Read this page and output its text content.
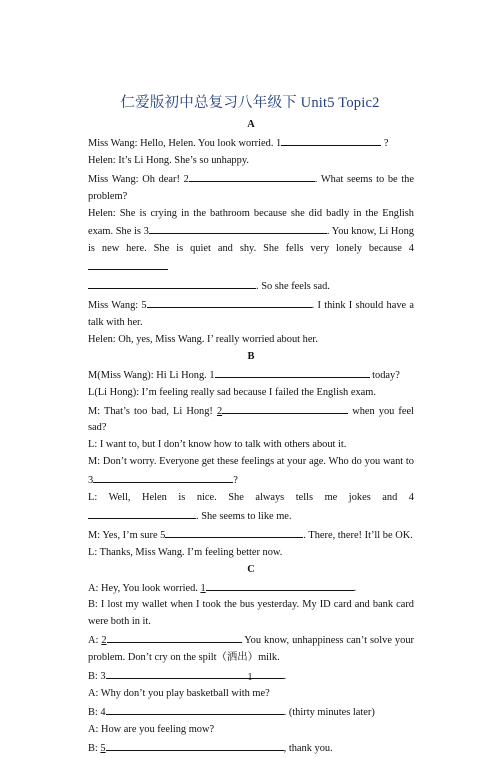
仁爱版初中总复习八年级下 Unit5 Topic2
A

Miss Wang: Hello, Helen. You look worried. 1	?

Helen: It’s Li Hong. She’s so unhappy.

Miss Wang: Oh dear! 2	. What seems to be the problem?

Helen: She is crying in the bathroom because she did badly in the English exam. She is 3	. You know, Li Hong is new here. She is quiet and shy. She fells very lonely because 4
. So she feels sad.

Miss Wang: 5	. I think I should have a talk with her.

Helen: Oh, yes, Miss Wang. I’ really worried about her.

B

M(Miss Wang): Hi Li Hong. 1	today?

L(Li Hong): I’m feeling really sad because I failed the English exam.

M: That’s too bad, Li Hong! 2	when you feel sad?

L: I want to, but I don’t know how to talk with others about it.

M: Don’t worry. Everyone get these feelings at your age. Who do you want to 3	?

L: Well, Helen is nice. She always tells me jokes and 4. She seems to like me.

M: Yes, I’m sure 5	. There, there! It’ll be OK.

L: Thanks, Miss Wang. I’m feeling better now.

C

A: Hey, You look worried. 1	.

B: I lost my wallet when I took the bus yesterday. My ID card and bank card were both in it.

A: 2	You know, unhappiness can’t solve your problem. Don’t cry on the spilt（洒出）milk.

B: 3	.

A: Why don’t you play basketball with me?

B: 4	. (thirty minutes later)

A: How are you feeling mow?

B: 5	, thank you.

1
